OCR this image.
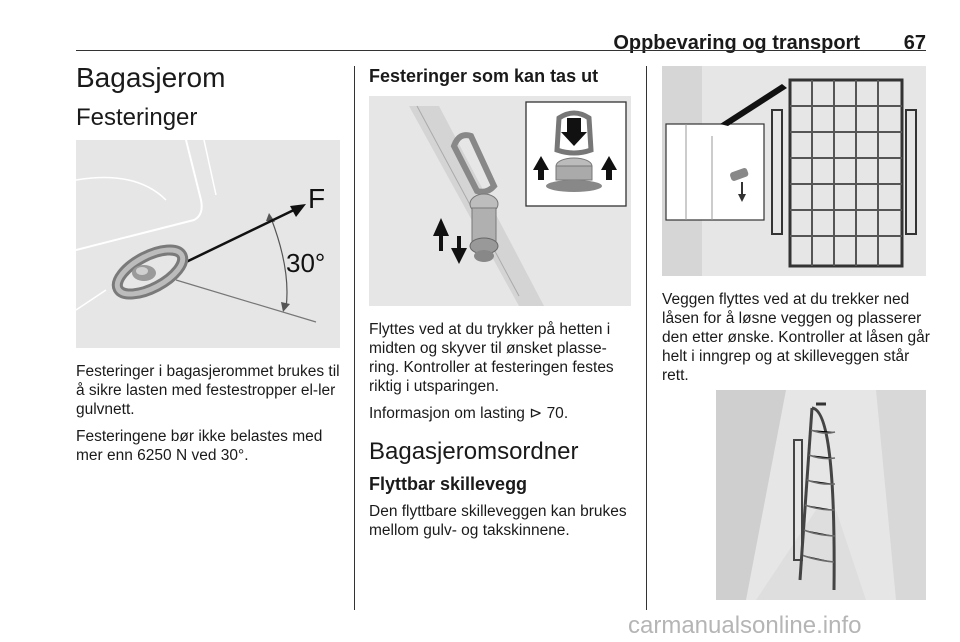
Oppbevaring og transport	67
Bagasjerom
Festeringer
F
30°

Festeringer i bagasjerommet brukes til å sikre lasten med festestropper el-ler gulvnett.

Festeringene bør ikke belastes med mer enn 6250 N ved 30°.

Festeringer som kan tas ut

Flyttes ved at du trykker på hetten i midten og skyver til ønsket plasse-ring. Kontroller at festeringen festes riktig i utsparingen.

Informasjon om lasting ⊳ 70.

Bagasjeromsordner
Flyttbar skillevegg

Den flyttbare skilleveggen kan brukes mellom gulv- og takskinnene.

Veggen flyttes ved at du trekker ned låsen for å løsne veggen og plasserer den etter ønske. Kontroller at låsen går helt i inngrep og at skilleveggen står rett.

carmanualsonline.info
